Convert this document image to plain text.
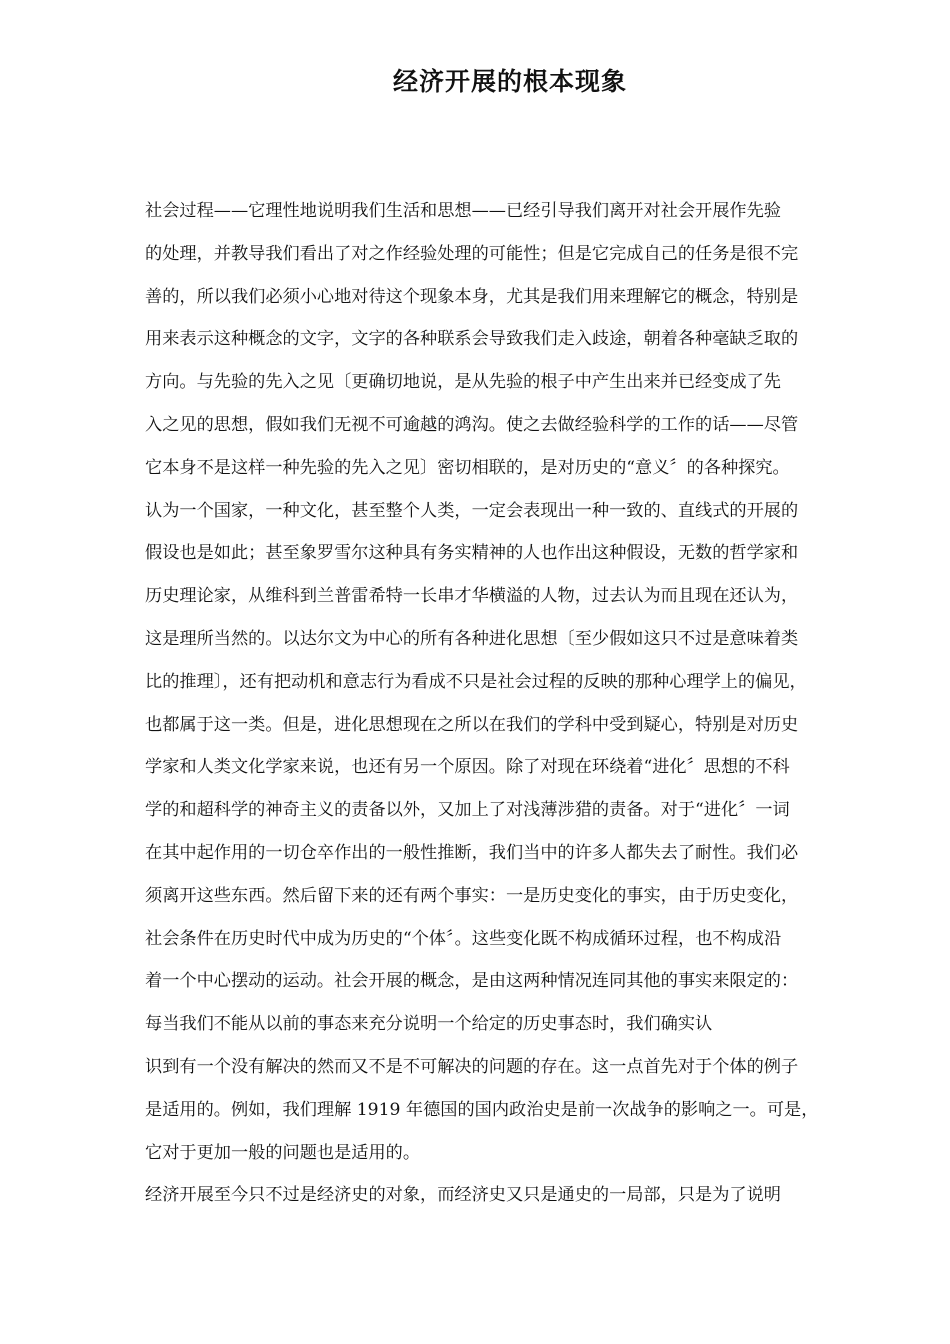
经济开展的根本现象
社会过程——它理性地说明我们生活和思想——已经引导我们离开对社会开展作先验
的处理，并教导我们看出了对之作经验处理的可能性；但是它完成自己的任务是很不完
善的，所以我们必须小心地对待这个现象本身，尤其是我们用来理解它的概念，特别是
用来表示这种概念的文字，文字的各种联系会导致我们走入歧途，朝着各种毫缺乏取的
方向。与先验的先入之见〔更确切地说，是从先验的根子中产生出来并已经变成了先
入之见的思想，假如我们无视不可逾越的鸿沟。使之去做经验科学的工作的话——尽管
它本身不是这样一种先验的先入之见〕密切相联的，是对历史的“意义〞的各种探究。
认为一个国家，一种文化，甚至整个人类，一定会表现出一种一致的、直线式的开展的
假设也是如此；甚至象罗雪尔这种具有务实精神的人也作出这种假设，无数的哲学家和
历史理论家，从维科到兰普雷希特一长串才华横溢的人物，过去认为而且现在还认为，
这是理所当然的。以达尔文为中心的所有各种进化思想〔至少假如这只不过是意味着类
比的推理〕，还有把动机和意志行为看成不只是社会过程的反映的那种心理学上的偏见，
也都属于这一类。但是，进化思想现在之所以在我们的学科中受到疑心，特别是对历史
学家和人类文化学家来说，也还有另一个原因。除了对现在环绕着“进化〞思想的不科
学的和超科学的神奇主义的责备以外，又加上了对浅薄涉猎的责备。对于“进化〞一词
在其中起作用的一切仓卒作出的一般性推断，我们当中的许多人都失去了耐性。我们必
须离开这些东西。然后留下来的还有两个事实：一是历史变化的事实，由于历史变化，
社会条件在历史时代中成为历史的“个体〞。这些变化既不构成循环过程，也不构成沿
着一个中心摆动的运动。社会开展的概念，是由这两种情况连同其他的事实来限定的：
每当我们不能从以前的事态来充分说明一个给定的历史事态时，我们确实认
识到有一个没有解决的然而又不是不可解决的问题的存在。这一点首先对于个体的例子
是适用的。例如，我们理解 1919 年德国的国内政治史是前一次战争的影响之一。可是，
它对于更加一般的问题也是适用的。
经济开展至今只不过是经济史的对象，而经济史又只是通史的一局部，只是为了说明
